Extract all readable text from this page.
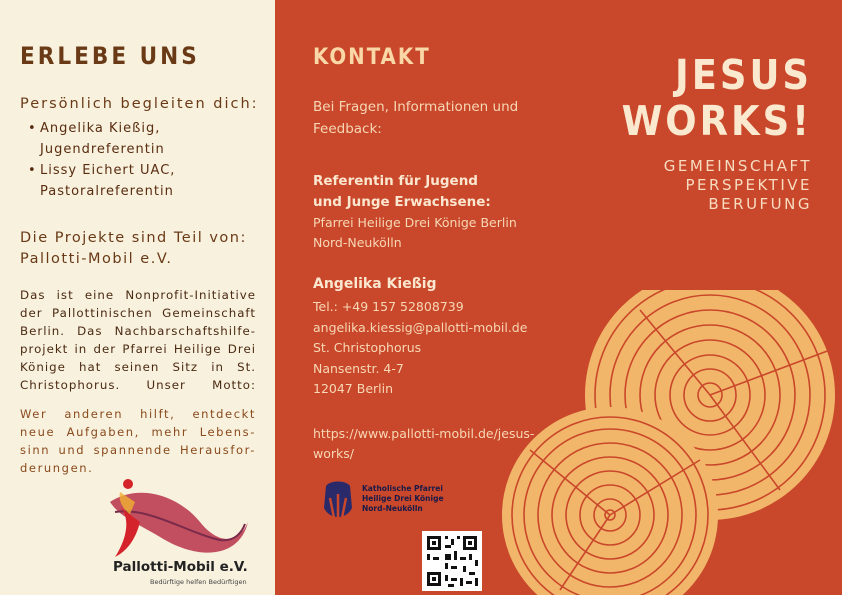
ERLEBE UNS
Persönlich begleiten dich:
• Angelika Kießig,
Jugendreferentin
• Lissy Eichert UAC,
Pastoralreferentin
Die Projekte sind Teil von:
Pallotti-Mobil e.V.
Das ist eine Nonprofit-Initiative der Pallottinischen Gemeinschaft Berlin. Das Nachbarschaftshilfe-projekt in der Pfarrei Heilige Drei Könige hat seinen Sitz in St. Christophorus. Unser Motto:
Wer anderen hilft, entdeckt
neue Aufgaben, mehr Lebens-
sinn und spannende Herausfor-
derungen.
Pallotti-Mobil e.V.
Bedürftige helfen Bedürftigen
KONTAKT
Bei Fragen, Informationen und Feedback:
Referentin für Jugend
und Junge Erwachsene:
Pfarrei Heilige Drei Könige Berlin
Nord-Neukölln
Angelika Kießig
Tel.: +49 157 52808739
angelika.kiessig@pallotti-mobil.de
St. Christophorus
Nansenstr. 4-7
12047 Berlin
https://www.pallotti-mobil.de/jesus-works/
Katholische Pfarrei
Heilige Drei Könige
Nord-Neukölln
JESUS
WORKS!
GEMEINSCHAFT
PERSPEKTIVE
BERUFUNG
